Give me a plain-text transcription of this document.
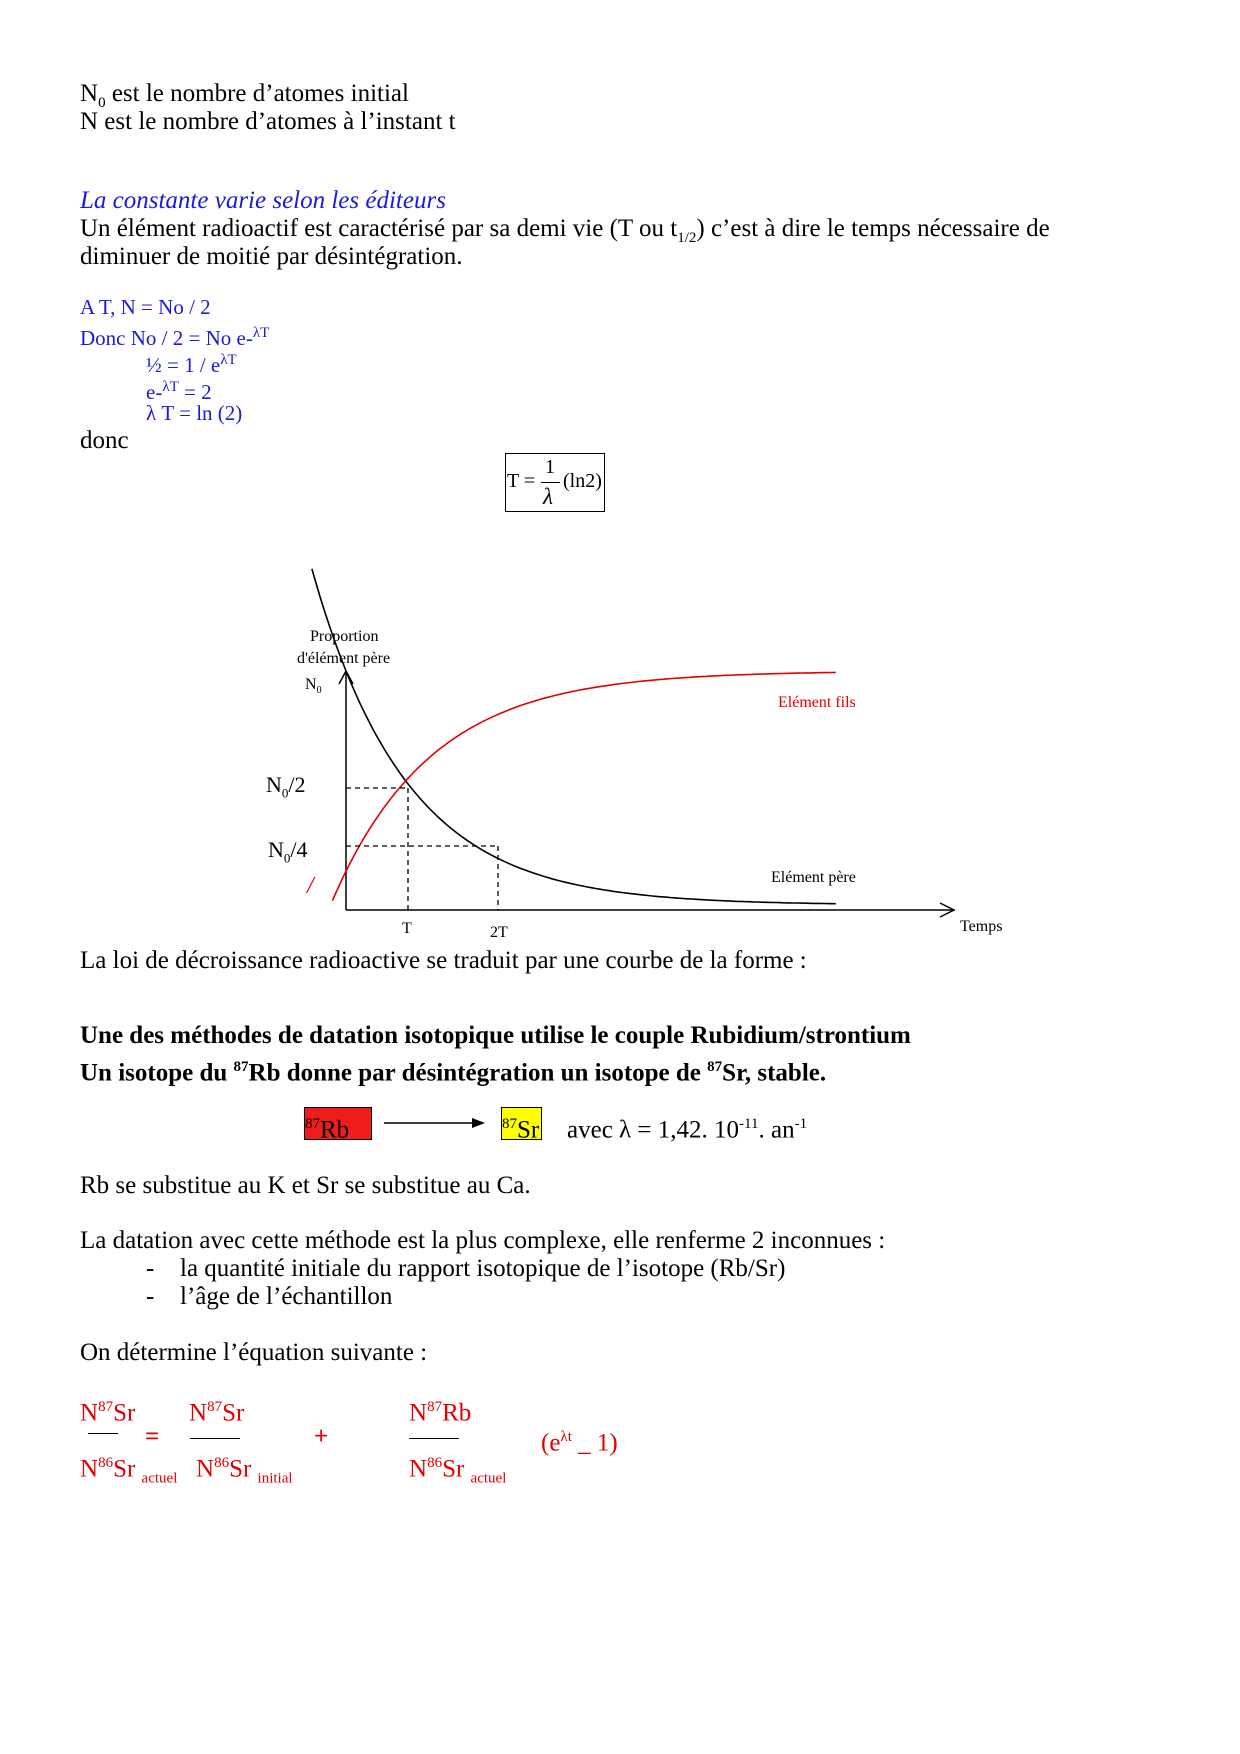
$N_0$ est le nombre d’atomes initial
N est le nombre d’atomes à l’instant t
La constante varie selon les éditeurs
Un élément radioactif est caractérisé par sa demi vie (T ou $t_{1/2}$) c’est à dire le temps nécessaire de
diminuer de moitié par désintégration.
A T, N = No / 2
Donc No / 2 = No e-$^{\lambda T}$
½ = $1 / e^{\lambda T}$
e-$^{\lambda T}$ = 2
λ T = ln (2)
donc
T =
1
λ
(ln2)
Proportion
d'élément père
$N_0$
$N_0/2$
$N_0/4$
/
Elément fils
Elément père
T	2T	Temps
La loi de décroissance radioactive se traduit par une courbe de la forme :
Une des méthodes de datation isotopique utilise le couple Rubidium/strontium
Un isotope du $^{87}$Rb donne par désintégration un isotope de $^{87}$Sr, stable.
$^{87}$Rb	$^{87}$Sr avec λ = 1,42. $10^{-11}$. $an^{-1}$
Rb se substitue au K et Sr se substitue au Ca.
La datation avec cette méthode est la plus complexe, elle renferme 2 inconnues :
- la quantité initiale du rapport isotopique de l’isotope (Rb/Sr)
- l’âge de l’échantillon
On détermine l’équation suivante :
$N^{87}Sr$
$N^{86}Sr$ $_{actuel}$
=
$N^{87}Sr$
$N^{86}Sr$ $_{initial}$
+
$N^{87}Rb$
$N^{86}Sr$ $_{actuel}$
($e^{\lambda t}$ _ 1)
